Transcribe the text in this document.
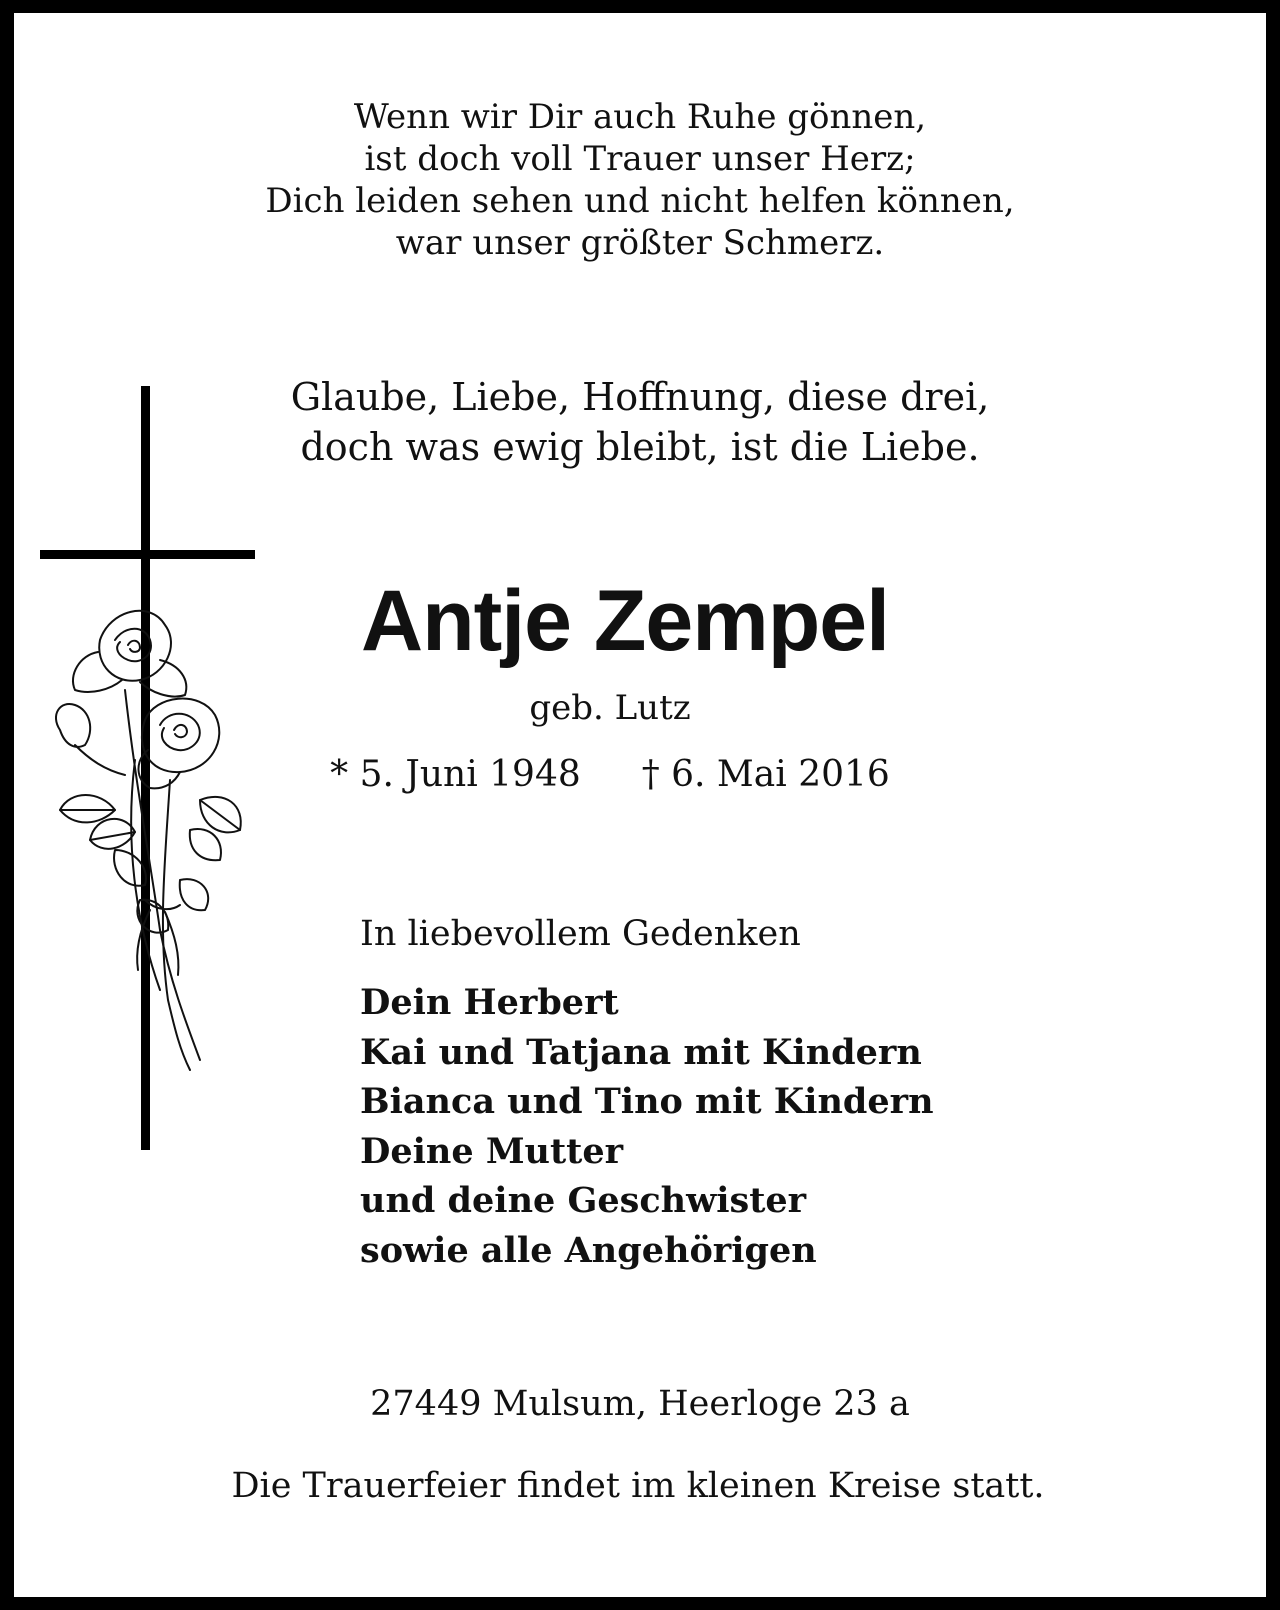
Wenn wir Dir auch Ruhe gönnen,
ist doch voll Trauer unser Herz;
Dich leiden sehen und nicht helfen können,
war unser größter Schmerz.
Glaube, Liebe, Hoffnung, diese drei,
doch was ewig bleibt, ist die Liebe.
Antje Zempel
geb. Lutz
* 5. Juni 1948 † 6. Mai 2016
In liebevollem Gedenken
Dein Herbert
Kai und Tatjana mit Kindern
Bianca und Tino mit Kindern
Deine Mutter
und deine Geschwister
sowie alle Angehörigen
27449 Mulsum, Heerloge 23 a
Die Trauerfeier findet im kleinen Kreise statt.
